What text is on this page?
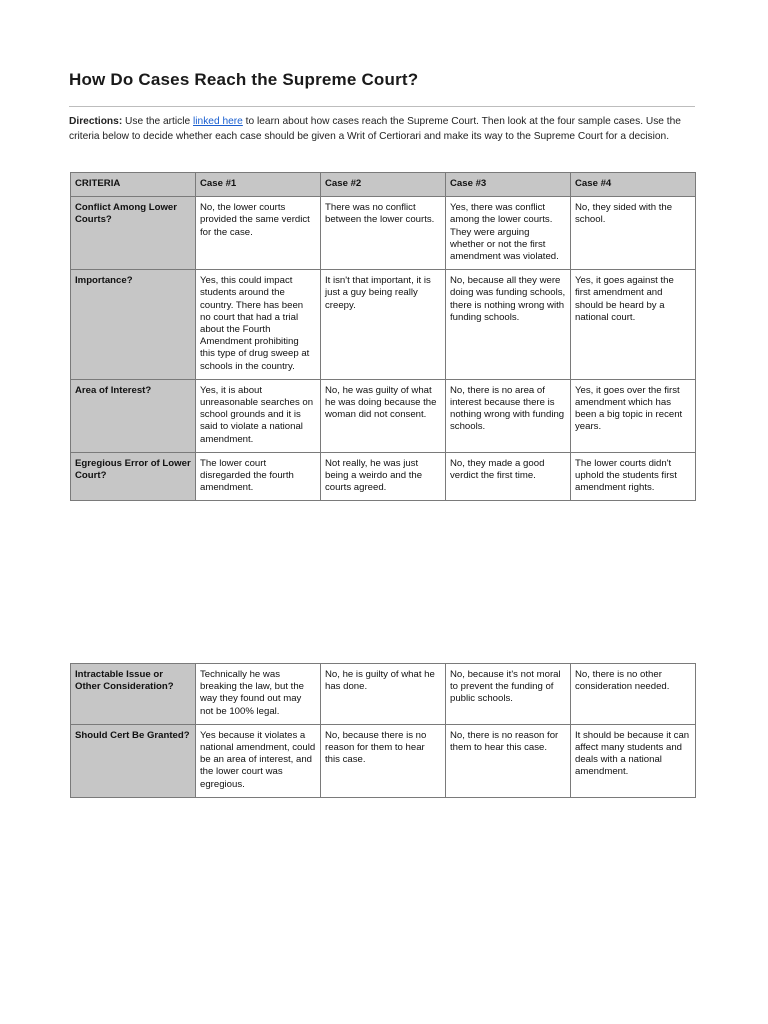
How Do Cases Reach the Supreme Court?
Directions: Use the article linked here to learn about how cases reach the Supreme Court. Then look at the four sample cases. Use the criteria below to decide whether each case should be given a Writ of Certiorari and make its way to the Supreme Court for a decision.
CRITERIA	Case #1	Case #2	Case #3	Case #4
Conflict Among Lower Courts?	No, the lower courts provided the same verdict for the case.	There was no conflict between the lower courts.	Yes, there was conflict among the lower courts. They were arguing whether or not the first amendment was violated.	No, they sided with the school.
Importance?	Yes, this could impact students around the country. There has been no court that had a trial about the Fourth Amendment prohibiting this type of drug sweep at schools in the country.	It isn't that important, it is just a guy being really creepy.	No, because all they were doing was funding schools, there is nothing wrong with funding schools.	Yes, it goes against the first amendment and should be heard by a national court.
Area of Interest?	Yes, it is about unreasonable searches on school grounds and it is said to violate a national amendment.	No, he was guilty of what he was doing because the woman did not consent.	No, there is no area of interest because there is nothing wrong with funding schools.	Yes, it goes over the first amendment which has been a big topic in recent years.
Egregious Error of Lower Court?	The lower court disregarded the fourth amendment.	Not really, he was just being a weirdo and the courts agreed.	No, they made a good verdict the first time.	The lower courts didn't uphold the students first amendment rights.
Intractable Issue or Other Consideration?	Technically he was breaking the law, but the way they found out may not be 100% legal.	No, he is guilty of what he has done.	No, because it's not moral to prevent the funding of public schools.	No, there is no other consideration needed.
Should Cert Be Granted?	Yes because it violates a national amendment, could be an area of interest, and the lower court was egregious.	No, because there is no reason for them to hear this case.	No, there is no reason for them to hear this case.	It should be because it can affect many students and deals with a national amendment.
